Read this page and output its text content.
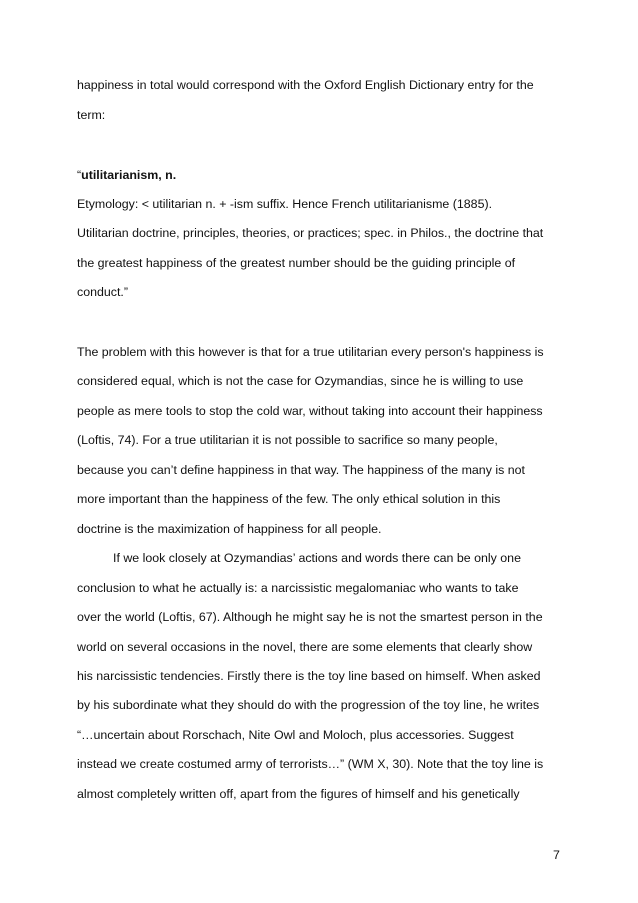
happiness in total would correspond with the Oxford English Dictionary entry for the
term:
“utilitarianism, n.
Etymology: < utilitarian n. + -ism suffix. Hence French utilitarianisme (1885).
Utilitarian doctrine, principles, theories, or practices; spec. in Philos., the doctrine that
the greatest happiness of the greatest number should be the guiding principle of
conduct.”
The problem with this however is that for a true utilitarian every person's happiness is
considered equal, which is not the case for Ozymandias, since he is willing to use
people as mere tools to stop the cold war, without taking into account their happiness
(Loftis, 74). For a true utilitarian it is not possible to sacrifice so many people,
because you can’t define happiness in that way. The happiness of the many is not
more important than the happiness of the few. The only ethical solution in this
doctrine is the maximization of happiness for all people.
If we look closely at Ozymandias’ actions and words there can be only one
conclusion to what he actually is: a narcissistic megalomaniac who wants to take
over the world (Loftis, 67). Although he might say he is not the smartest person in the
world on several occasions in the novel, there are some elements that clearly show
his narcissistic tendencies. Firstly there is the toy line based on himself. When asked
by his subordinate what they should do with the progression of the toy line, he writes
“…uncertain about Rorschach, Nite Owl and Moloch, plus accessories. Suggest
instead we create costumed army of terrorists…” (WM X, 30). Note that the toy line is
almost completely written off, apart from the figures of himself and his genetically
7
